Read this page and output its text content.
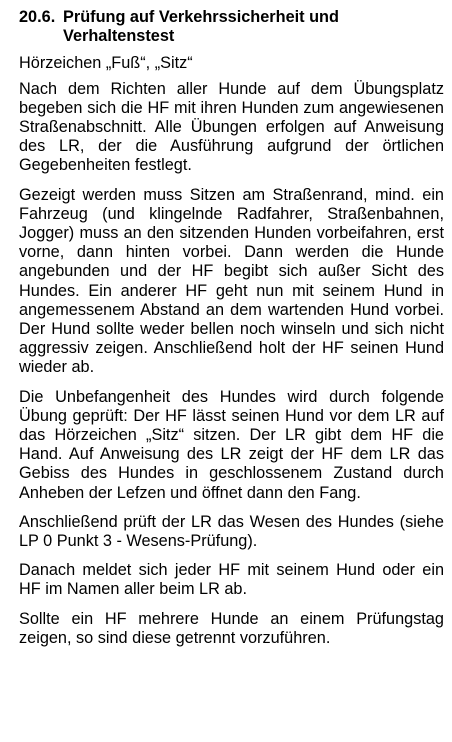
20.6. Prüfung auf Verkehrssicherheit und Verhaltenstest
Hörzeichen „Fuß“, „Sitz“

Nach dem Richten aller Hunde auf dem Übungsplatz begeben sich die HF mit ihren Hunden zum angewiesenen Straßenabschnitt. Alle Übungen erfolgen auf Anweisung des LR, der die Ausführung aufgrund der örtlichen Gegebenheiten festlegt.

Gezeigt werden muss Sitzen am Straßenrand, mind. ein Fahrzeug (und klingelnde Radfahrer, Straßenbahnen, Jogger) muss an den sitzenden Hunden vorbeifahren, erst vorne, dann hinten vorbei. Dann werden die Hunde angebunden und der HF begibt sich außer Sicht des Hundes. Ein anderer HF geht nun mit seinem Hund in angemessenem Abstand an dem wartenden Hund vorbei. Der Hund sollte weder bellen noch winseln und sich nicht aggressiv zeigen. Anschließend holt der HF seinen Hund wieder ab.

Die Unbefangenheit des Hundes wird durch folgende Übung geprüft: Der HF lässt seinen Hund vor dem LR auf das Hörzeichen „Sitz“ sitzen. Der LR gibt dem HF die Hand. Auf Anweisung des LR zeigt der HF dem LR das Gebiss des Hundes in geschlossenem Zustand durch Anheben der Lefzen und öffnet dann den Fang.

Anschließend prüft der LR das Wesen des Hundes (siehe LP 0 Punkt 3 - Wesens-Prüfung).

Danach meldet sich jeder HF mit seinem Hund oder ein HF im Namen aller beim LR ab.

Sollte ein HF mehrere Hunde an einem Prüfungstag zeigen, so sind diese getrennt vorzuführen.
